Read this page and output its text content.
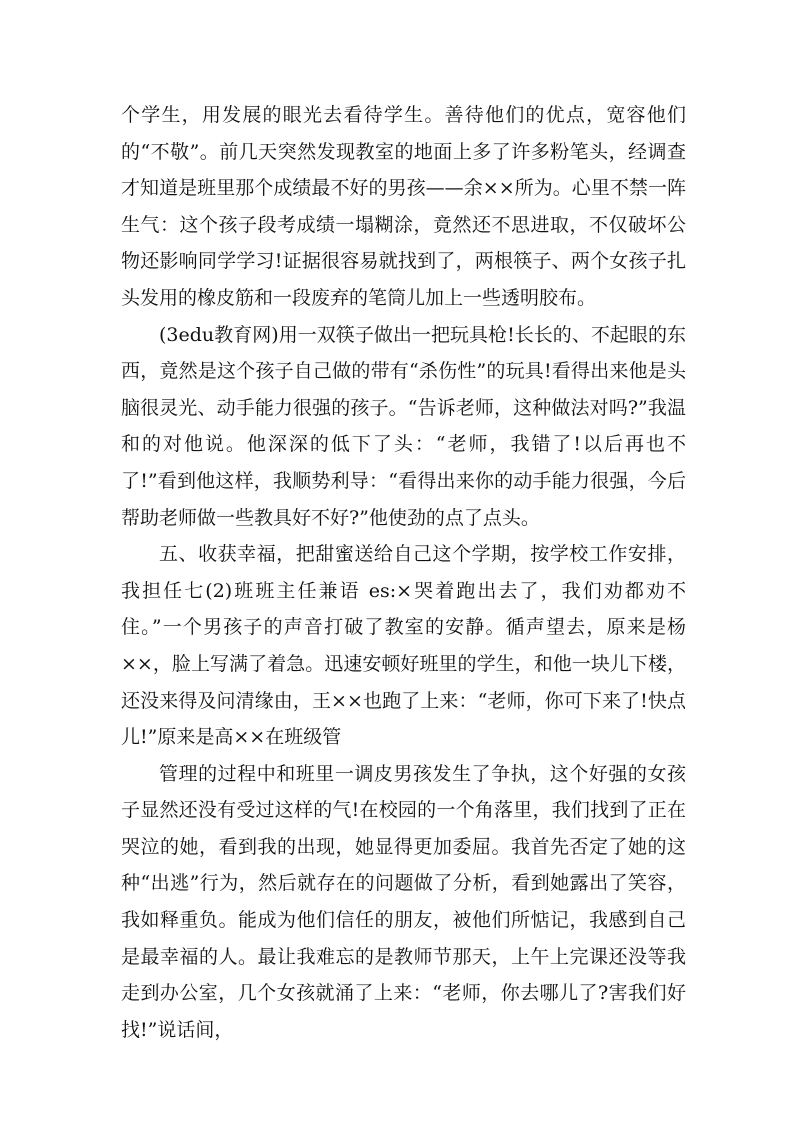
个学生，用发展的眼光去看待学生。善待他们的优点，宽容他们的“不敬”。前几天突然发现教室的地面上多了许多粉笔头，经调查才知道是班里那个成绩最不好的男孩——余××所为。心里不禁一阵生气：这个孩子段考成绩一塌糊涂，竟然还不思进取，不仅破坏公物还影响同学学习!证据很容易就找到了，两根筷子、两个女孩子扎头发用的橡皮筋和一段废弃的笔筒儿加上一些透明胶布。

(3edu教育网)用一双筷子做出一把玩具枪!长长的、不起眼的东西，竟然是这个孩子自己做的带有“杀伤性”的玩具!看得出来他是头脑很灵光、动手能力很强的孩子。“告诉老师，这种做法对吗?”我温和的对他说。他深深的低下了头：“老师，我错了!以后再也不了!”看到他这样，我顺势利导：“看得出来你的动手能力很强，今后帮助老师做一些教具好不好?”他使劲的点了点头。

五、收获幸福，把甜蜜送给自己这个学期，按学校工作安排，我担任七(2)班班主任兼语 es:×哭着跑出去了，我们劝都劝不住。”一个男孩子的声音打破了教室的安静。循声望去，原来是杨××，脸上写满了着急。迅速安顿好班里的学生，和他一块儿下楼，还没来得及问清缘由，王××也跑了上来：“老师，你可下来了!快点儿!”原来是高××在班级管

管理的过程中和班里一调皮男孩发生了争执，这个好强的女孩子显然还没有受过这样的气!在校园的一个角落里，我们找到了正在哭泣的她，看到我的出现，她显得更加委屈。我首先否定了她的这种“出逃”行为，然后就存在的问题做了分析，看到她露出了笑容，我如释重负。能成为他们信任的朋友，被他们所惦记，我感到自己是最幸福的人。最让我难忘的是教师节那天，上午上完课还没等我走到办公室，几个女孩就涌了上来：“老师，你去哪儿了?害我们好找!”说话间，
